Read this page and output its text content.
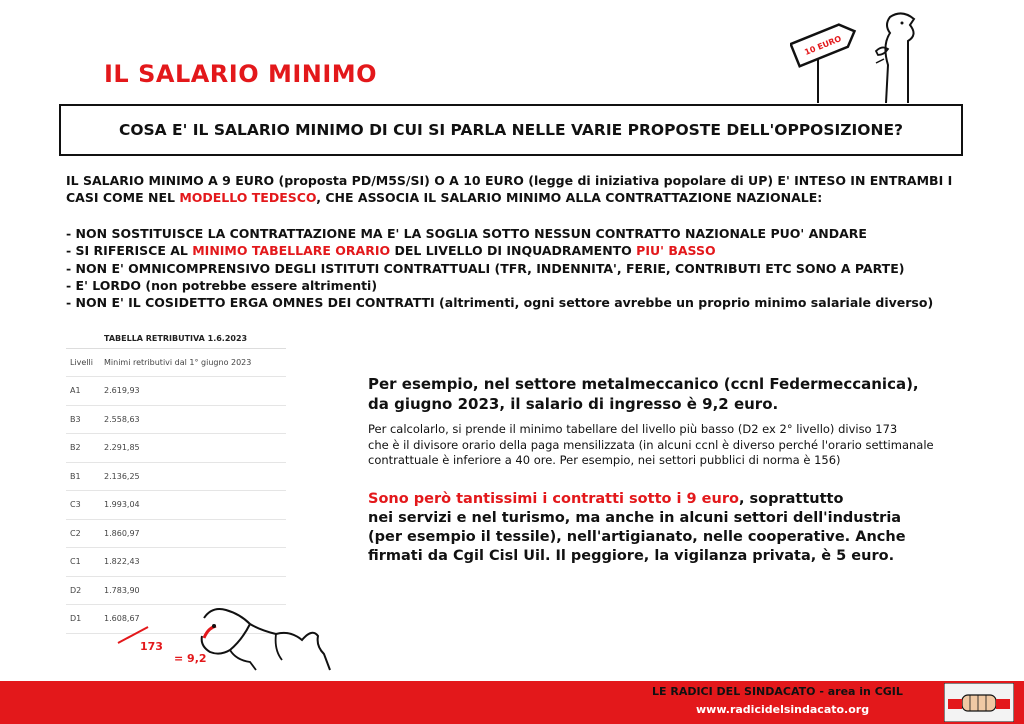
10 EURO
IL SALARIO MINIMO
COSA E' IL SALARIO MINIMO DI CUI SI PARLA NELLE VARIE PROPOSTE DELL'OPPOSIZIONE?
IL SALARIO MINIMO A 9 EURO (proposta PD/M5S/SI) O A 10 EURO (legge di iniziativa popolare di UP) E' INTESO IN ENTRAMBI I CASI COME NEL MODELLO TEDESCO, CHE ASSOCIA IL SALARIO MINIMO ALLA CONTRATTAZIONE NAZIONALE:
- NON SOSTITUISCE LA CONTRATTAZIONE MA E' LA SOGLIA SOTTO NESSUN CONTRATTO NAZIONALE PUO' ANDARE
- SI RIFERISCE AL MINIMO TABELLARE ORARIO DEL LIVELLO DI INQUADRAMENTO PIU' BASSO
- NON E' OMNICOMPRENSIVO DEGLI ISTITUTI CONTRATTUALI (TFR, INDENNITA', FERIE, CONTRIBUTI ETC SONO A PARTE)
- E' LORDO (non potrebbe essere altrimenti)
- NON E' IL COSIDETTO ERGA OMNES DEI CONTRATTI (altrimenti, ogni settore avrebbe un proprio minimo salariale diverso)
TABELLA RETRIBUTIVA 1.6.2023
Livelli	Minimi retributivi dal 1° giugno 2023
A1	2.619,93
B3	2.558,63
B2	2.291,85
B1	2.136,25
C3	1.993,04
C2	1.860,97
C1	1.822,43
D2	1.783,90
D1	1.608,67
173
= 9,2
Per esempio, nel settore metalmeccanico (ccnl Federmeccanica),
da giugno 2023, il salario di ingresso è 9,2 euro.
Per calcolarlo, si prende il minimo tabellare del livello più basso (D2 ex 2° livello) diviso 173
che è il divisore orario della paga mensilizzata (in alcuni ccnl è diverso perché l'orario settimanale
contrattuale è inferiore a 40 ore. Per esempio, nei settori pubblici di norma è 156)
Sono però tantissimi i contratti sotto i 9 euro, soprattutto
nei servizi e nel turismo, ma anche in alcuni settori dell'industria
(per esempio il tessile), nell'artigianato, nelle cooperative. Anche
firmati da Cgil Cisl Uil. Il peggiore, la vigilanza privata, è 5 euro.
LE RADICI DEL SINDACATO - area in CGIL
www.radicidelsindacato.org
